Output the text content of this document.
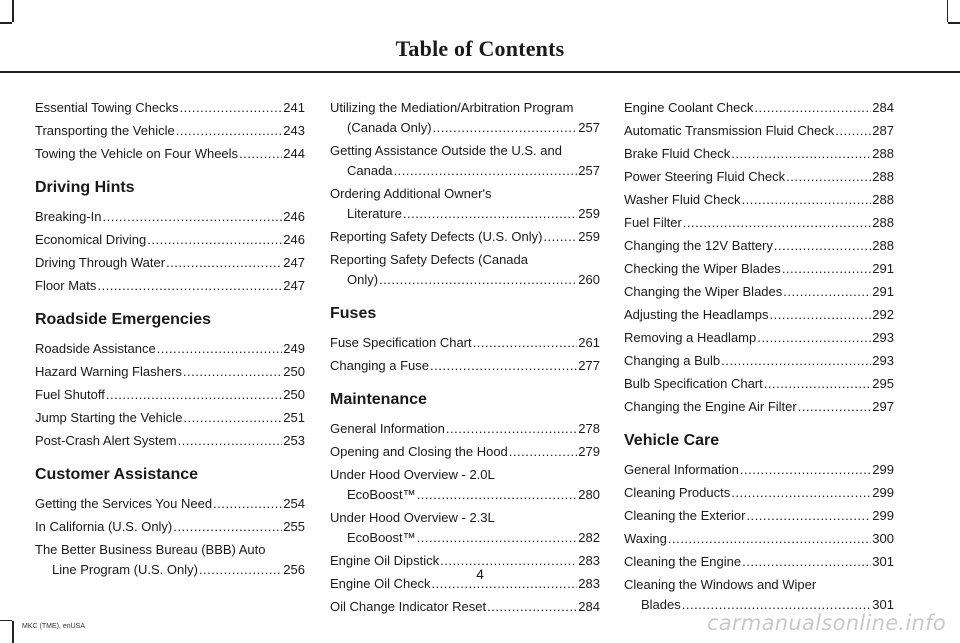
Table of Contents
Essential Towing Checks .....	241
Transporting the Vehicle .....	243
Towing the Vehicle on Four Wheels .....	244
Driving Hints
Breaking-In .....	246
Economical Driving .....	246
Driving Through Water .....	247
Floor Mats .....	247
Roadside Emergencies
Roadside Assistance .....	249
Hazard Warning Flashers .....	250
Fuel Shutoff .....	250
Jump Starting the Vehicle .....	251
Post-Crash Alert System .....	253
Customer Assistance
Getting the Services You Need .....	254
In California (U.S. Only) .....	255
The Better Business Bureau (BBB) Auto
Line Program (U.S. Only) .....	256
Utilizing the Mediation/Arbitration Program
(Canada Only) .....	257
Getting Assistance Outside the U.S. and
Canada .....	257
Ordering Additional Owner's
Literature .....	259
Reporting Safety Defects (U.S. Only) .....	259
Reporting Safety Defects (Canada
Only) .....	260
Fuses
Fuse Specification Chart .....	261
Changing a Fuse .....	277
Maintenance
General Information .....	278
Opening and Closing the Hood .....	279
Under Hood Overview - 2.0L
EcoBoost™ .....	280
Under Hood Overview - 2.3L
EcoBoost™ .....	282
Engine Oil Dipstick .....	283
Engine Oil Check .....	283
Oil Change Indicator Reset .....	284
Engine Coolant Check .....	284
Automatic Transmission Fluid Check .....	287
Brake Fluid Check .....	288
Power Steering Fluid Check .....	288
Washer Fluid Check .....	288
Fuel Filter .....	288
Changing the 12V Battery .....	288
Checking the Wiper Blades .....	291
Changing the Wiper Blades .....	291
Adjusting the Headlamps .....	292
Removing a Headlamp .....	293
Changing a Bulb .....	293
Bulb Specification Chart .....	295
Changing the Engine Air Filter .....	297
Vehicle Care
General Information .....	299
Cleaning Products .....	299
Cleaning the Exterior .....	299
Waxing .....	300
Cleaning the Engine .....	301
Cleaning the Windows and Wiper
Blades .....	301
4
MKC (TME), enUSA	carmanualsonline.info
